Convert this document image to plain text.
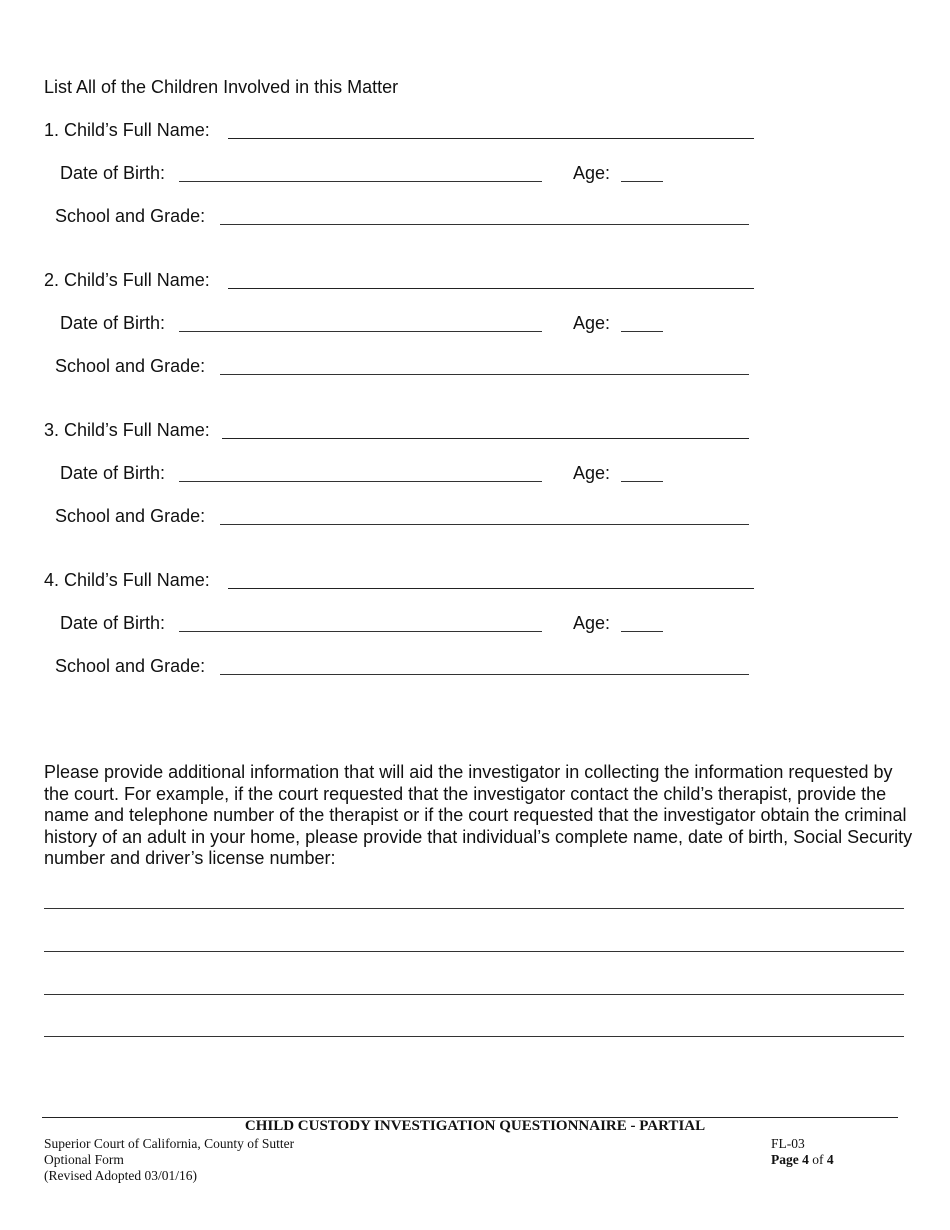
List All of the Children Involved in this Matter
1. Child’s Full Name:
Date of Birth:	Age:
School and Grade:
2. Child’s Full Name:
Date of Birth:	Age:
School and Grade:
3. Child’s Full Name:
Date of Birth:	Age:
School and Grade:
4. Child’s Full Name:
Date of Birth:	Age:
School and Grade:
Please provide additional information that will aid the investigator in collecting the information requested by the court. For example, if the court requested that the investigator contact the child’s therapist, provide the name and telephone number of the therapist or if the court requested that the investigator obtain the criminal history of an adult in your home, please provide that individual’s complete name, date of birth, Social Security number and driver’s license number:
CHILD CUSTODY INVESTIGATION QUESTIONNAIRE - PARTIAL
Superior Court of California, County of Sutter
Optional Form
(Revised Adopted 03/01/16)
FL-03
Page 4 of 4
